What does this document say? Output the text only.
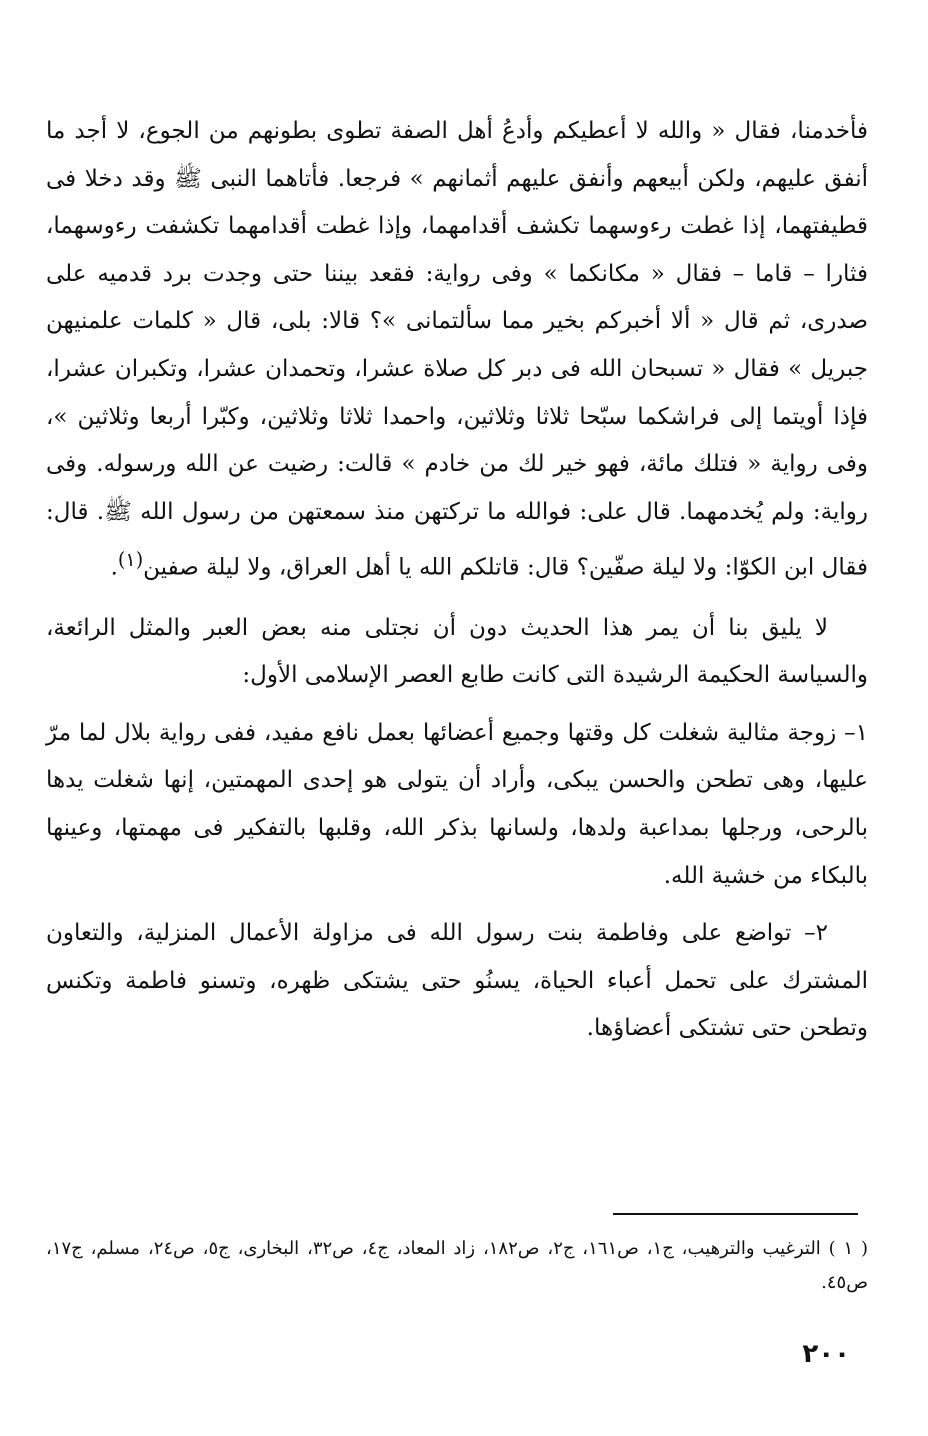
فأخدمنا، فقال « والله لا أعطيكم وأدعُ أهل الصفة تطوى بطونهم من الجوع، لا أجد ما أنفق عليهم، ولكن أبيعهم وأنفق عليهم أثمانهم » فرجعا. فأتاهما النبى ﷺ وقد دخلا فى قطيفتهما، إذا غطت رءوسهما تكشف أقدامهما، وإذا غطت أقدامهما تكشفت رءوسهما، فثارا – قاما – فقال « مكانكما » وفى رواية: فقعد بيننا حتى وجدت برد قدميه على صدرى، ثم قال « ألا أخبركم بخير مما سألتمانى »؟ قالا: بلى، قال « كلمات علمنيهن جبريل » فقال « تسبحان الله فى دبر كل صلاة عشرا، وتحمدان عشرا، وتكبران عشرا، فإذا أويتما إلى فراشكما سبّحا ثلاثا وثلاثين، واحمدا ثلاثا وثلاثين، وكبّرا أربعا وثلاثين »، وفى رواية « فتلك مائة، فهو خير لك من خادم » قالت: رضيت عن الله ورسوله. وفى رواية: ولم يُخدمهما. قال على: فوالله ما تركتهن منذ سمعتهن من رسول الله ﷺ. قال: فقال ابن الكوّا: ولا ليلة صفّين؟ قال: قاتلكم الله يا أهل العراق، ولا ليلة صفين$^{(١)}$.

لا يليق بنا أن يمر هذا الحديث دون أن نجتلى منه بعض العبر والمثل الرائعة، والسياسة الحكيمة الرشيدة التى كانت طابع العصر الإسلامى الأول:

١– زوجة مثالية شغلت كل وقتها وجميع أعضائها بعمل نافع مفيد، ففى رواية بلال لما مرّ عليها، وهى تطحن والحسن يبكى، وأراد أن يتولى هو إحدى المهمتين، إنها شغلت يدها بالرحى، ورجلها بمداعبة ولدها، ولسانها بذكر الله، وقلبها بالتفكير فى مهمتها، وعينها بالبكاء من خشية الله.

٢– تواضع على وفاطمة بنت رسول الله فى مزاولة الأعمال المنزلية، والتعاون المشترك على تحمل أعباء الحياة، يسنُو حتى يشتكى ظهره، وتسنو فاطمة وتكنس وتطحن حتى تشتكى أعضاؤها.

( ١ ) الترغيب والترهيب، ج١، ص١٦١، ج٢، ص١٨٢، زاد المعاد، ج٤، ص٣٢، البخارى، ج٥، ص٢٤، مسلم، ج١٧، ص٤٥.
٢٠٠
